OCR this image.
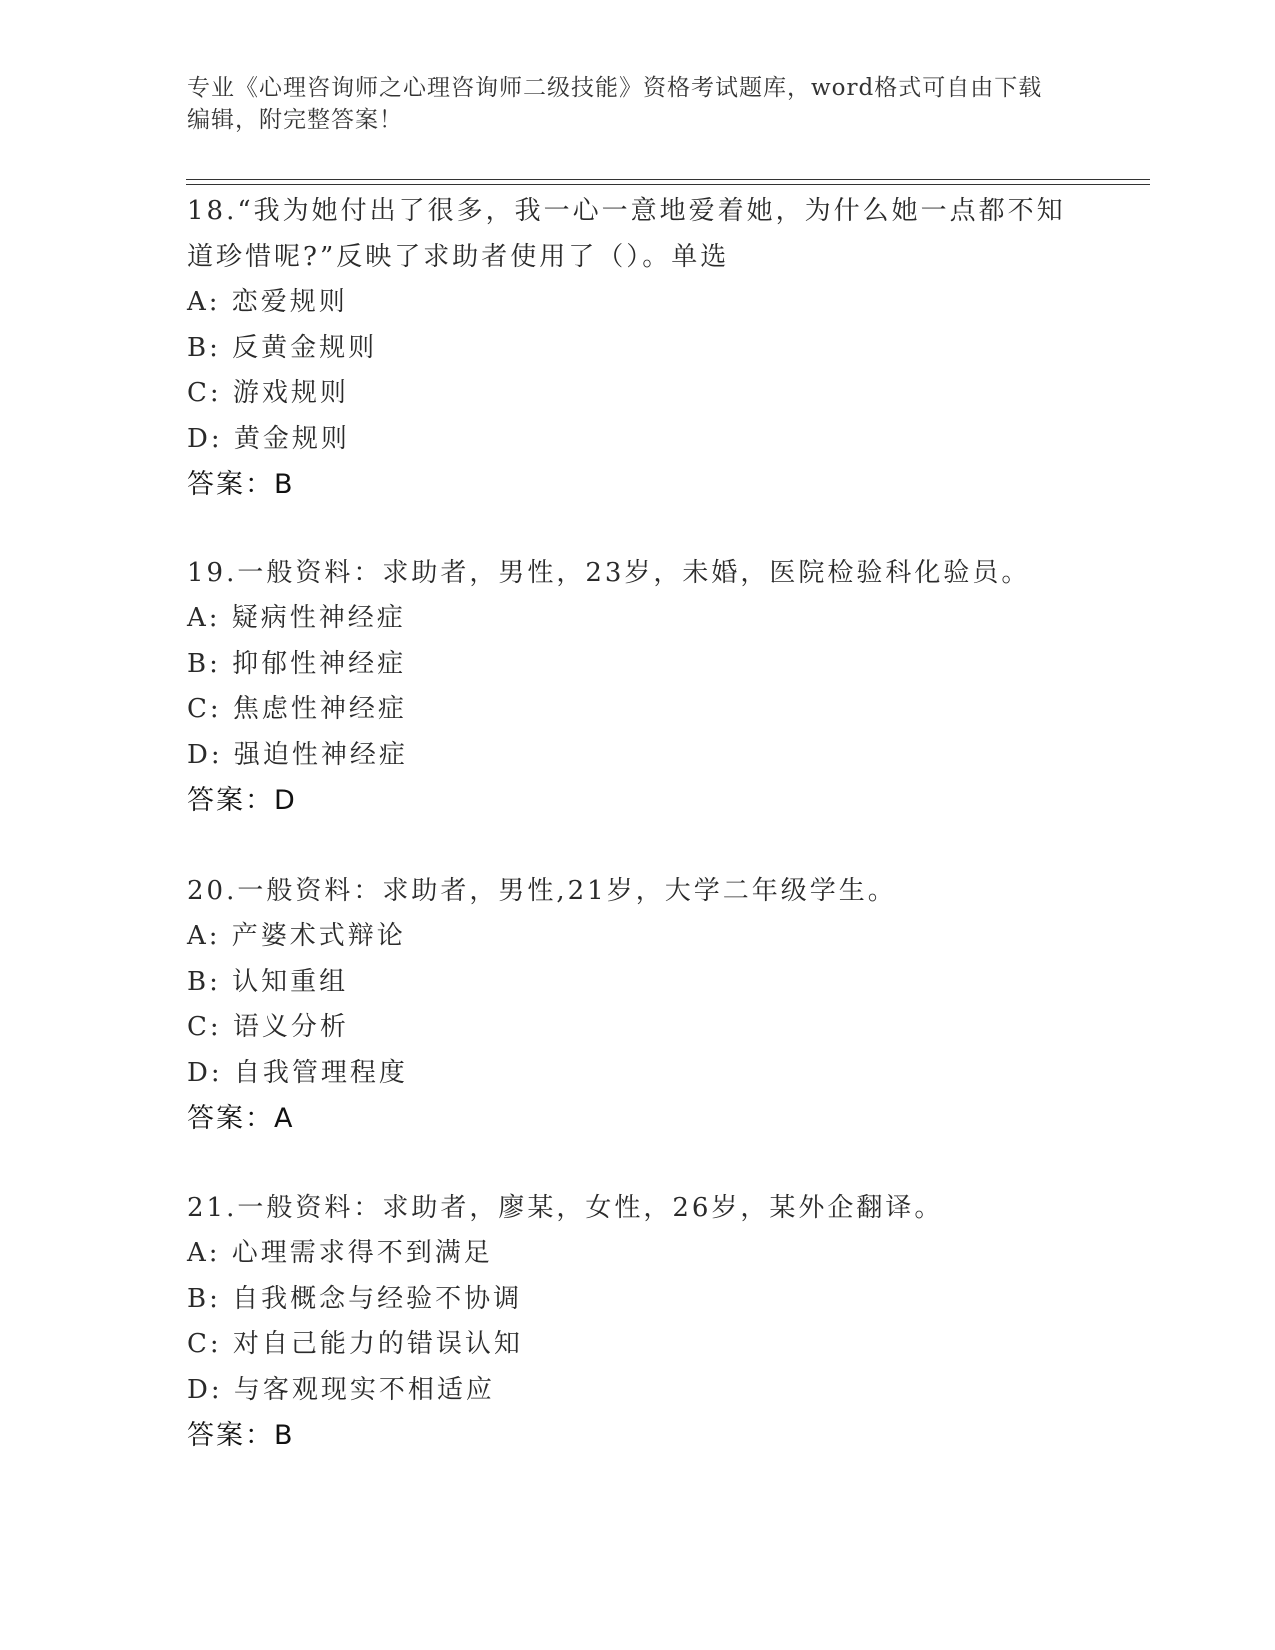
专业《心理咨询师之心理咨询师二级技能》资格考试题库，word格式可自由下载
编辑，附完整答案！
18.“我为她付出了很多，我一心一意地爱着她，为什么她一点都不知
道珍惜呢?”反映了求助者使用了（）。单选
A: 恋爱规则
B: 反黄金规则
C: 游戏规则
D: 黄金规则
答案：B
19.一般资料：求助者，男性，23岁，未婚，医院检验科化验员。
A: 疑病性神经症
B: 抑郁性神经症
C: 焦虑性神经症
D: 强迫性神经症
答案：D
20.一般资料：求助者，男性,21岁，大学二年级学生。
A: 产婆术式辩论
B: 认知重组
C: 语义分析
D: 自我管理程度
答案：A
21.一般资料：求助者，廖某，女性，26岁，某外企翻译。
A: 心理需求得不到满足
B: 自我概念与经验不协调
C: 对自己能力的错误认知
D: 与客观现实不相适应
答案：B
